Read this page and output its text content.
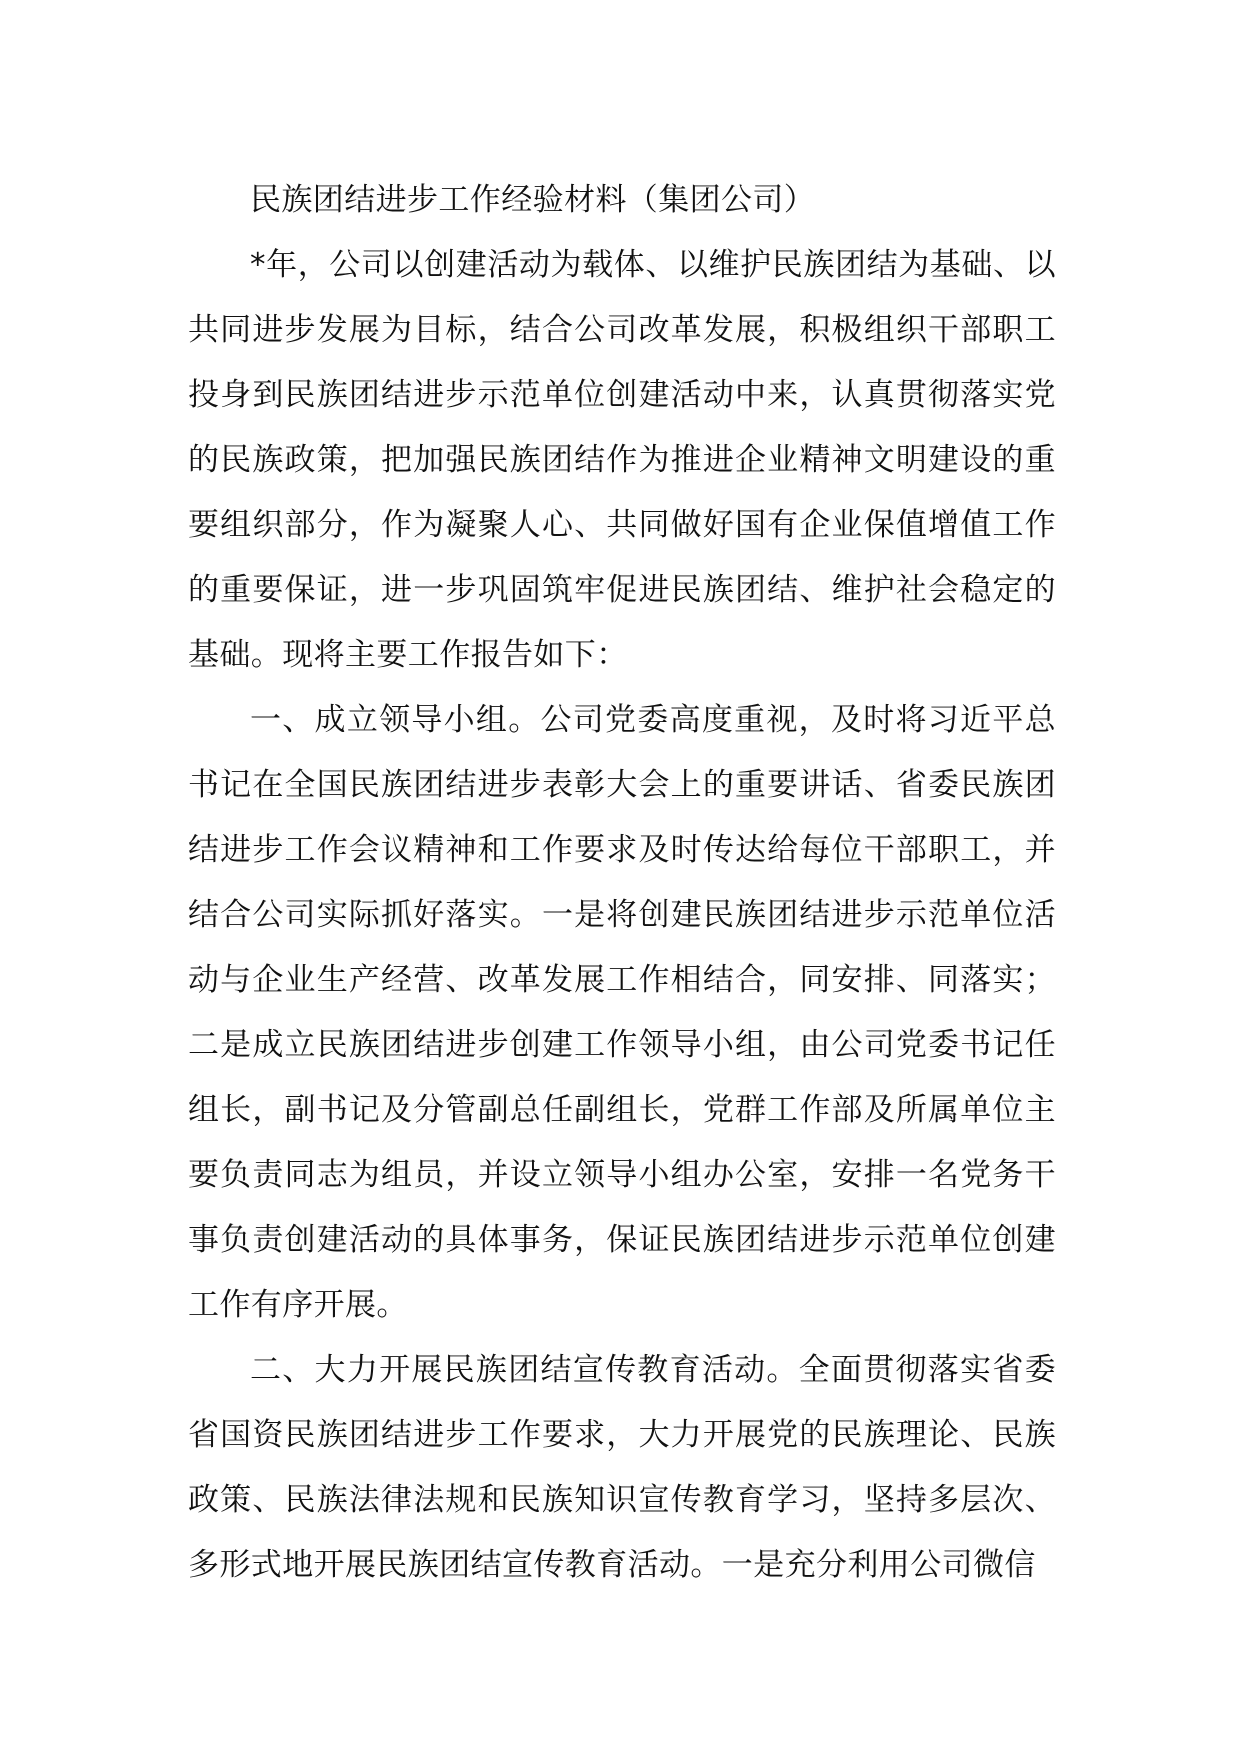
民族团结进步工作经验材料（集团公司）

*年，公司以创建活动为载体、以维护民族团结为基础、以共同进步发展为目标，结合公司改革发展，积极组织干部职工投身到民族团结进步示范单位创建活动中来，认真贯彻落实党的民族政策，把加强民族团结作为推进企业精神文明建设的重要组织部分，作为凝聚人心、共同做好国有企业保值增值工作的重要保证，进一步巩固筑牢促进民族团结、维护社会稳定的基础。现将主要工作报告如下：

一、成立领导小组。公司党委高度重视，及时将习近平总书记在全国民族团结进步表彰大会上的重要讲话、省委民族团结进步工作会议精神和工作要求及时传达给每位干部职工，并结合公司实际抓好落实。一是将创建民族团结进步示范单位活动与企业生产经营、改革发展工作相结合，同安排、同落实；二是成立民族团结进步创建工作领导小组，由公司党委书记任组长，副书记及分管副总任副组长，党群工作部及所属单位主要负责同志为组员，并设立领导小组办公室，安排一名党务干事负责创建活动的具体事务，保证民族团结进步示范单位创建工作有序开展。

二、大力开展民族团结宣传教育活动。全面贯彻落实省委省国资民族团结进步工作要求，大力开展党的民族理论、民族政策、民族法律法规和民族知识宣传教育学习，坚持多层次、多形式地开展民族团结宣传教育活动。一是充分利用公司微信
